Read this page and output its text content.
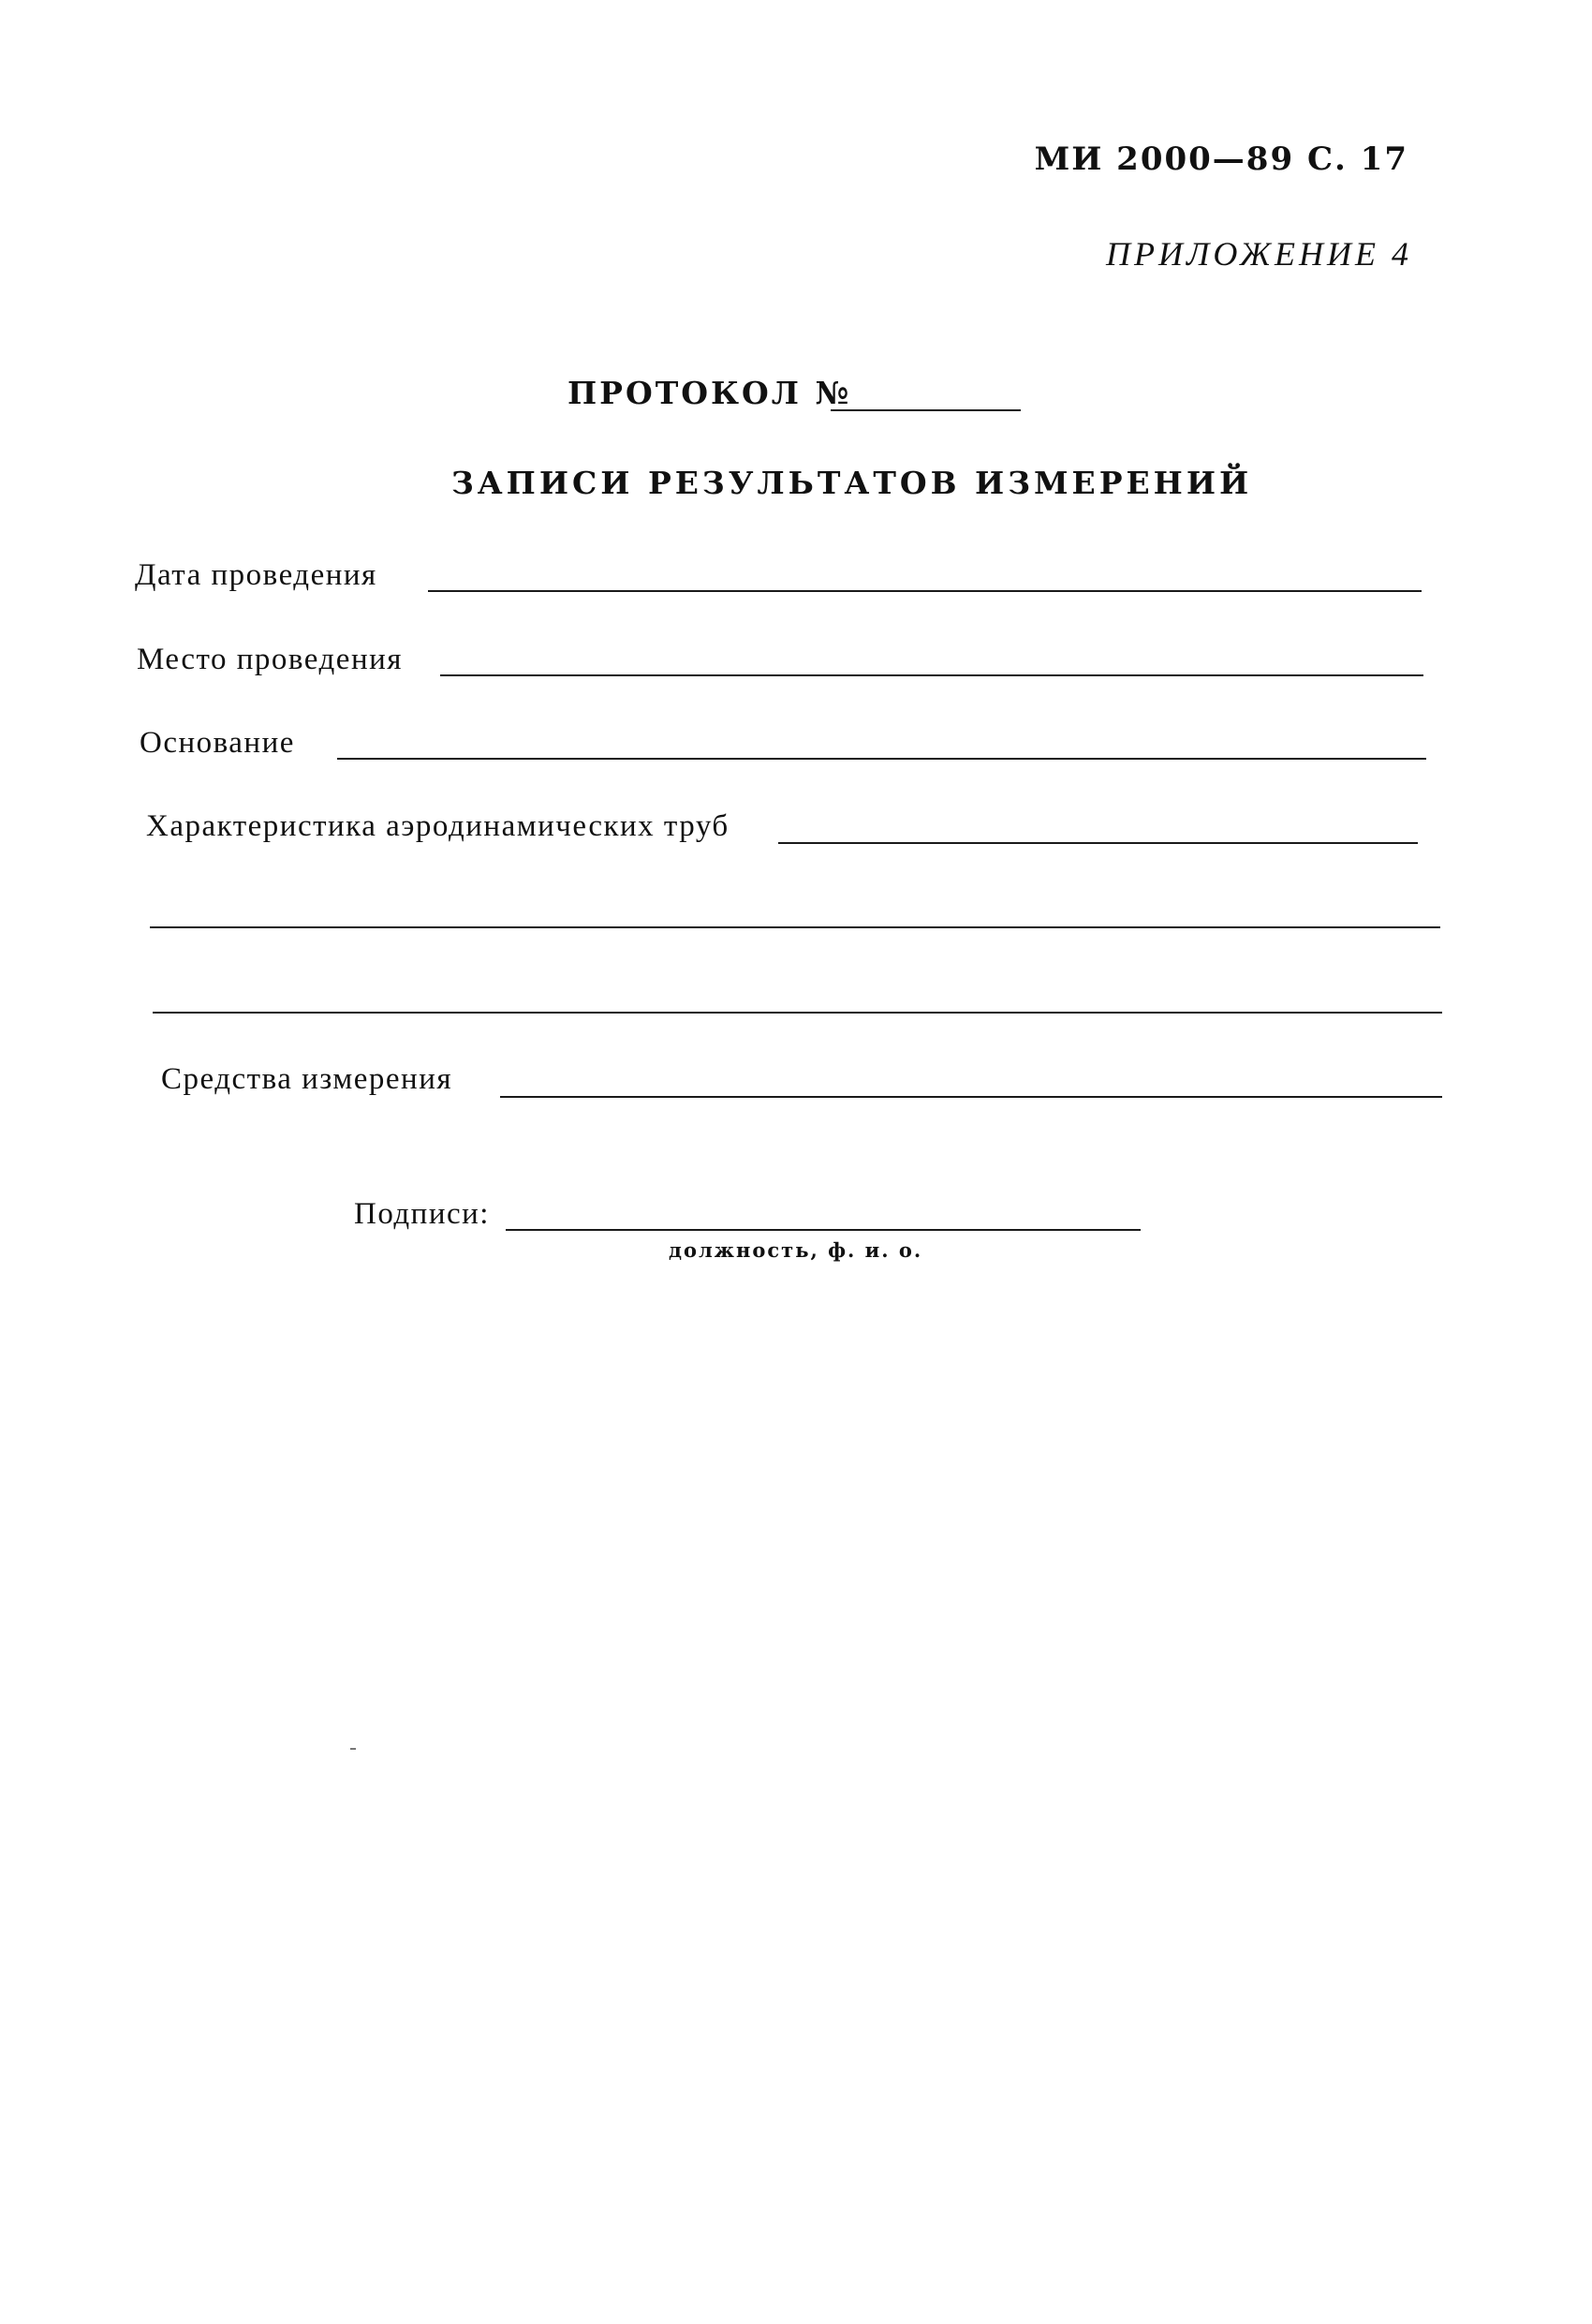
МИ 2000—89 С. 17
ПРИЛОЖЕНИЕ 4
ПРОТОКОЛ №
ЗАПИСИ РЕЗУЛЬТАТОВ ИЗМЕРЕНИЙ
Дата проведения
Место проведения
Основание
Характеристика аэродинамических труб
Средства измерения
Подписи:
должность, ф. и. о.
